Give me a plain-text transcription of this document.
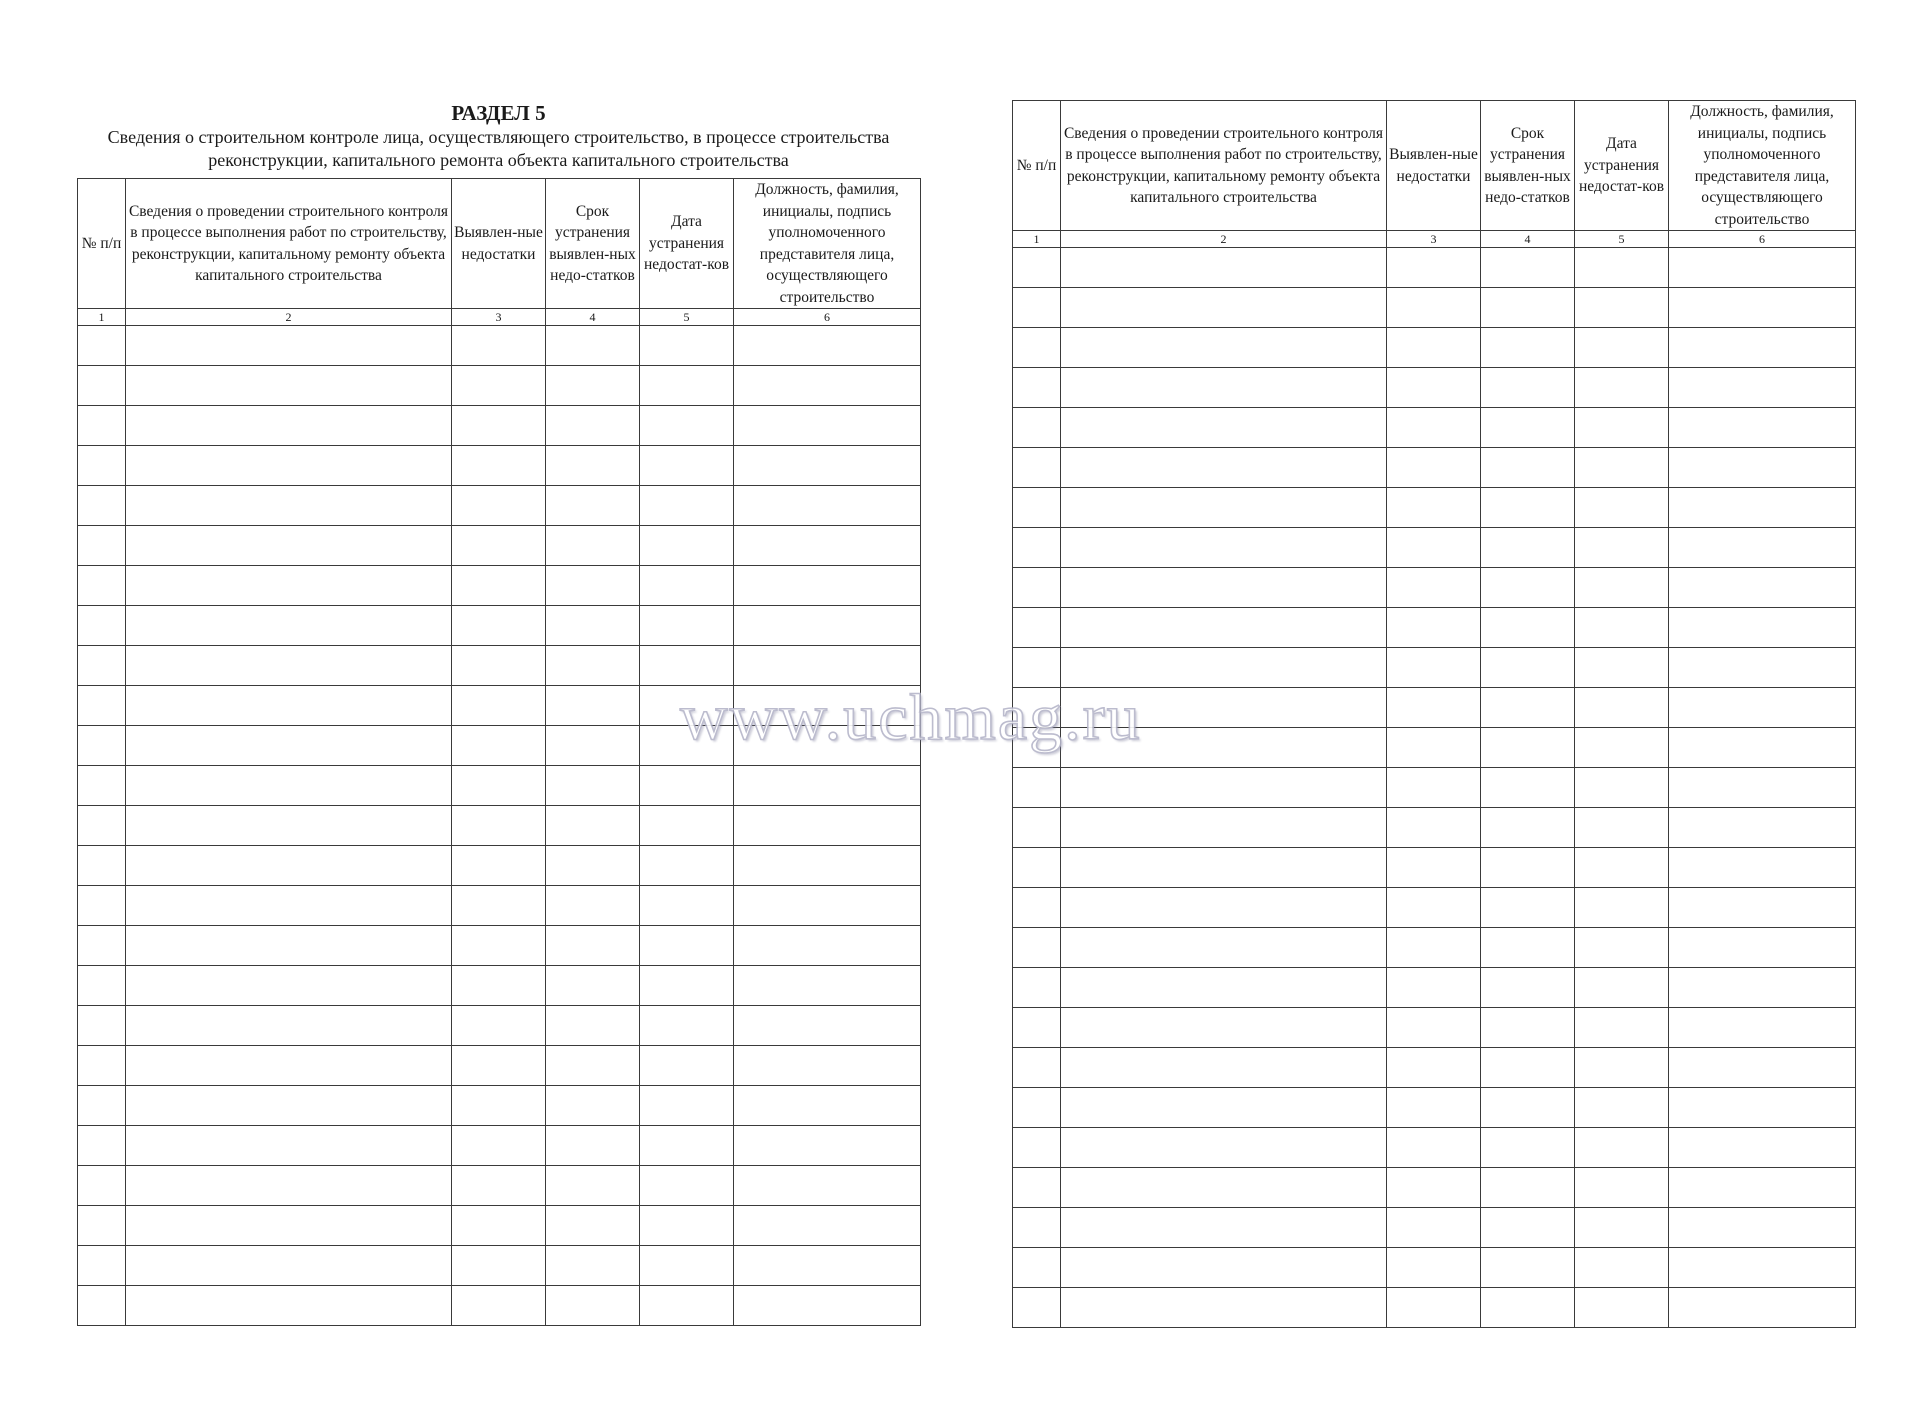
РАЗДЕЛ 5

Сведения о строительном контроле лица, осуществляющего строительство, в процессе строительства
реконструкции, капитального ремонта объекта капитального строительства

№ п/п	Сведения о проведении строительного контроля в процессе выполнения работ по строительству, реконструкции, капитальному ремонту объекта капитального строительства	Выявлен-ные недостатки	Срок устранения выявлен-ных недо-статков	Дата устранения недостат-ков	Должность, фамилия, инициалы, подпись уполномоченного представителя лица, осуществляющего строительство
1	2	3	4	5	6

№ п/п	Сведения о проведении строительного контроля в процессе выполнения работ по строительству, реконструкции, капитальному ремонту объекта капитального строительства	Выявлен-ные недостатки	Срок устранения выявлен-ных недо-статков	Дата устранения недостат-ков	Должность, фамилия, инициалы, подпись уполномоченного представителя лица, осуществляющего строительство
1	2	3	4	5	6

www.uchmag.ru
